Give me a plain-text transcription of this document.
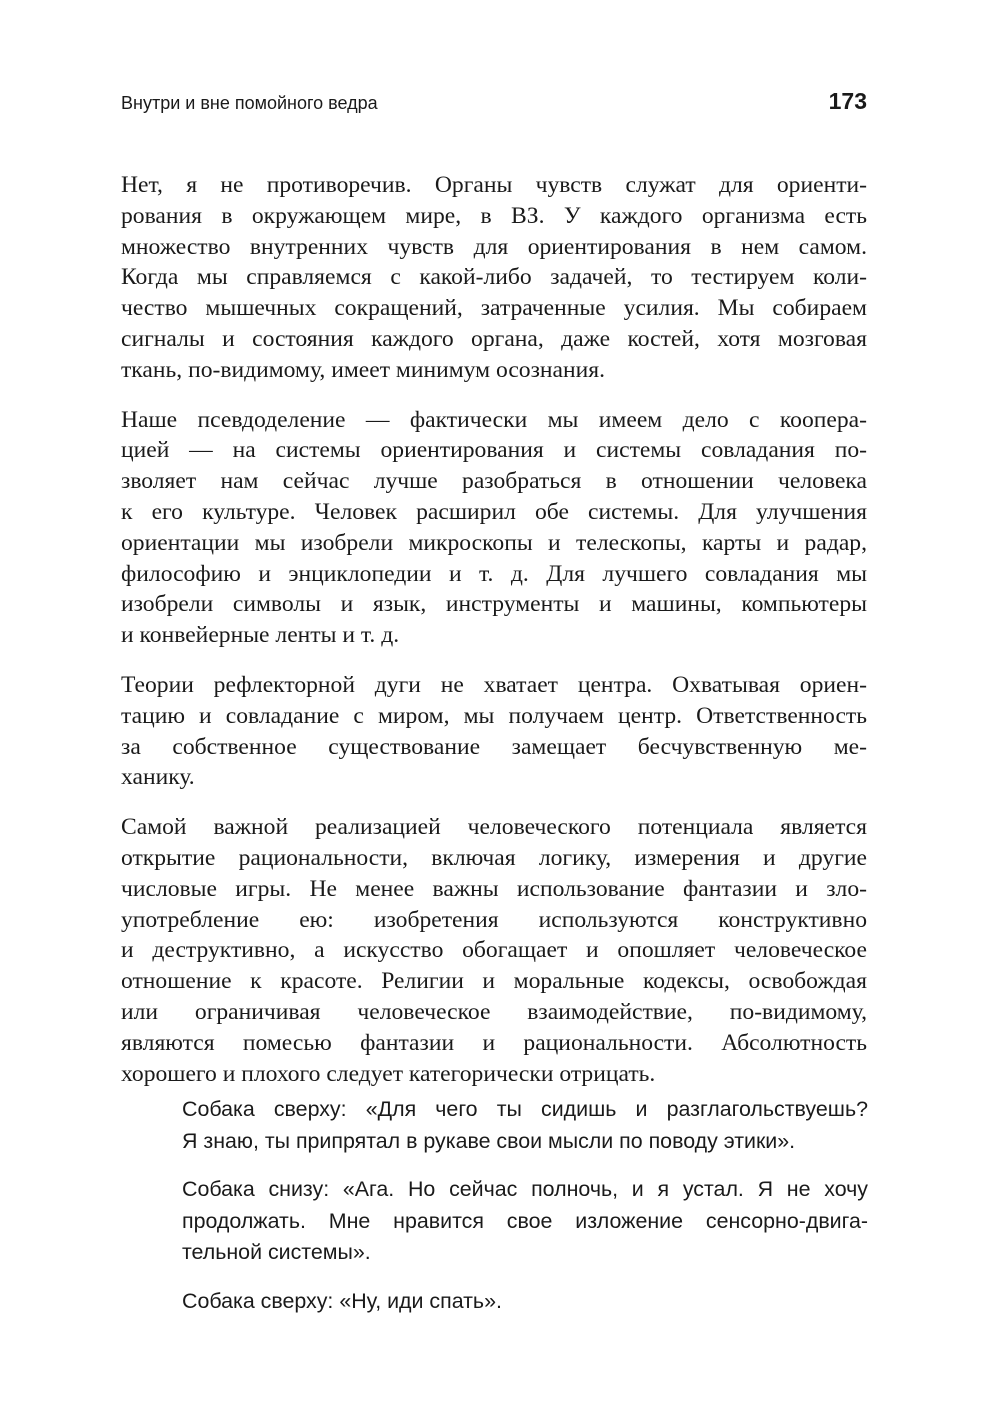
Внутри и вне помойного ведра	173

Нет, я не противоречив. Органы чувств служат для ориенти-
рования в окружающем мире, в ВЗ. У каждого организма есть
множество внутренних чувств для ориентирования в нем самом.
Когда мы справляемся с какой-либо задачей, то тестируем коли-
чество мышечных сокращений, затраченные усилия. Мы собираем
сигналы и состояния каждого органа, даже костей, хотя мозговая
ткань, по-видимому, имеет минимум осознания.

Наше псевдоделение — фактически мы имеем дело с коопера-
цией — на системы ориентирования и системы совладания по-
зволяет нам сейчас лучше разобраться в отношении человека
к его культуре. Человек расширил обе системы. Для улучшения
ориентации мы изобрели микроскопы и телескопы, карты и радар,
философию и энциклопедии и т. д. Для лучшего совладания мы
изобрели символы и язык, инструменты и машины, компьютеры
и конвейерные ленты и т. д.

Теории рефлекторной дуги не хватает центра. Охватывая ориен-
тацию и совладание с миром, мы получаем центр. Ответственность
за собственное существование замещает бесчувственную ме-
ханику.

Самой важной реализацией человеческого потенциала является
открытие рациональности, включая логику, измерения и другие
числовые игры. Не менее важны использование фантазии и зло-
употребление ею: изобретения используются конструктивно
и деструктивно, а искусство обогащает и опошляет человеческое
отношение к красоте. Религии и моральные кодексы, освобождая
или ограничивая человеческое взаимодействие, по-видимому,
являются помесью фантазии и рациональности. Абсолютность
хорошего и плохого следует категорически отрицать.

Собака сверху: «Для чего ты сидишь и разглагольствуешь?
Я знаю, ты припрятал в рукаве свои мысли по поводу этики».

Собака снизу: «Ага. Но сейчас полночь, и я устал. Я не хочу
продолжать. Мне нравится свое изложение сенсорно-двига-
тельной системы».

Собака сверху: «Ну, иди спать».
